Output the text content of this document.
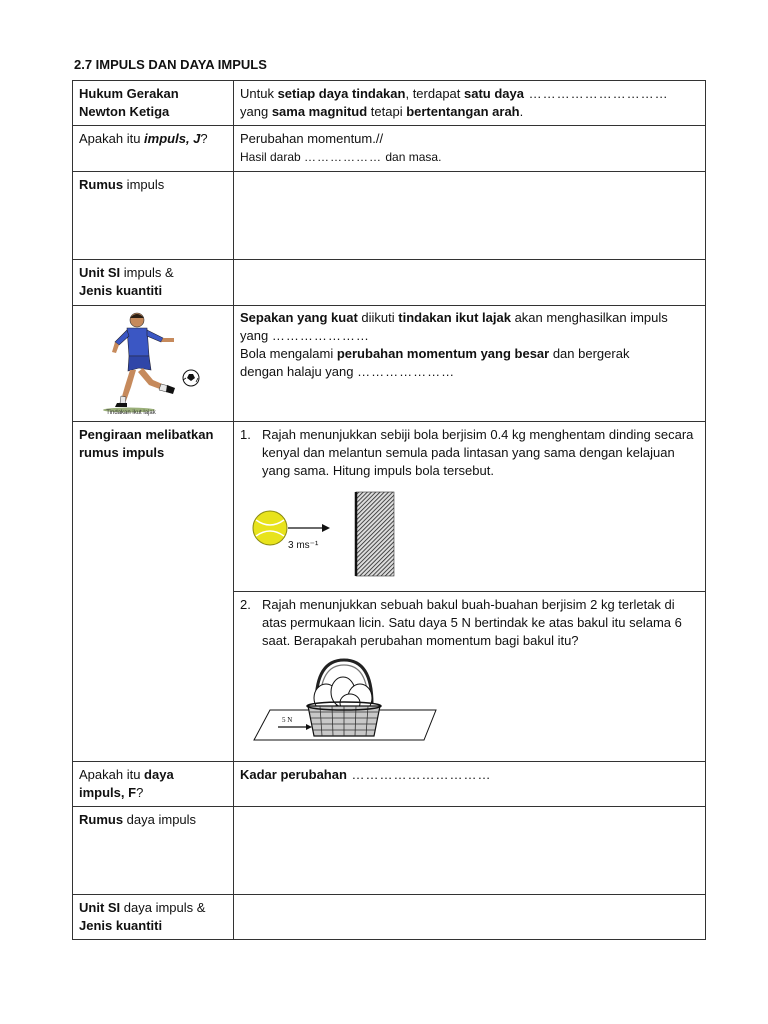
2.7 IMPULS DAN DAYA IMPULS
Hukum Gerakan
Newton Ketiga	Untuk setiap daya tindakan, terdapat satu daya …………………………
yang sama magnitud tetapi bertentangan arah.
Apakah itu impuls, J?	Perubahan momentum.//
Hasil darab ……………… dan masa.
Rumus impuls	
Unit SI impuls &
Jenis kuantiti	

Tindakan ikut lajak	Sepakan yang kuat diikuti tindakan ikut lajak akan menghasilkan impuls
yang …………………
Bola mengalami perubahan momentum yang besar dan bergerak
dengan halaju yang …………………
Pengiraan melibatkan
rumus impuls	1. Rajah menunjukkan sebiji bola berjisim 0.4 kg menghentam dinding secara kenyal dan melantun semula pada lintasan yang sama dengan kelajuan yang sama. Hitung impuls bola tersebut.
3 ms⁻¹

	2. Rajah menunjukkan sebuah bakul buah-buahan berjisim 2 kg terletak di atas permukaan licin. Satu daya 5 N bertindak ke atas bakul itu selama 6 saat. Berapakah perubahan momentum bagi bakul itu?
5 N

Apakah itu daya
impuls, F?	Kadar perubahan …………………………
Rumus daya impuls	
Unit SI daya impuls &
Jenis kuantiti	
